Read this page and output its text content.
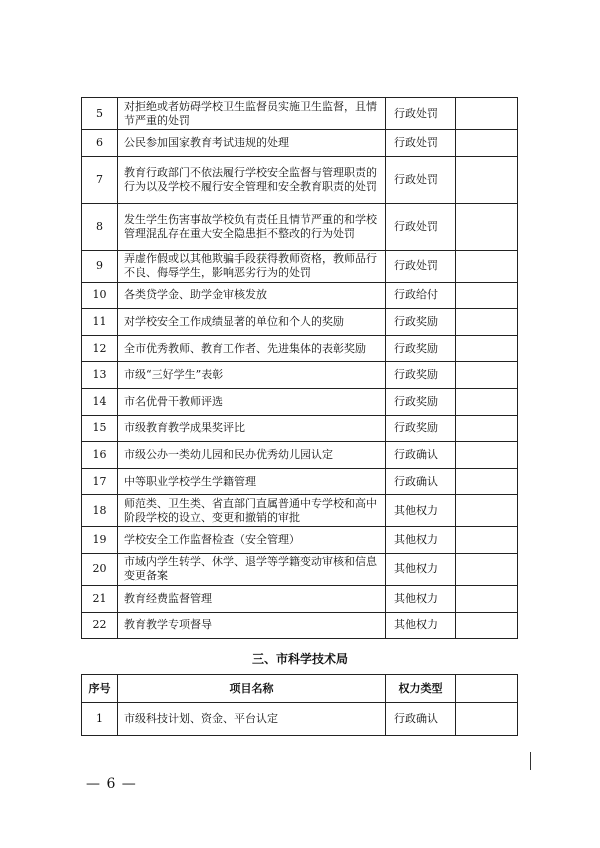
5	对拒绝或者妨碍学校卫生监督员实施卫生监督，且情节严重的处罚	行政处罚	
6	公民参加国家教育考试违规的处理	行政处罚	
7	教育行政部门不依法履行学校安全监督与管理职责的行为以及学校不履行安全管理和安全教育职责的处罚	行政处罚	
8	发生学生伤害事故学校负有责任且情节严重的和学校管理混乱存在重大安全隐患拒不整改的行为处罚	行政处罚	
9	弄虚作假或以其他欺骗手段获得教师资格，教师品行不良、侮辱学生，影响恶劣行为的处罚	行政处罚	
10	各类贷学金、助学金审核发放	行政给付	
11	对学校安全工作成绩显著的单位和个人的奖励	行政奖励	
12	全市优秀教师、教育工作者、先进集体的表彰奖励	行政奖励	
13	市级“三好学生”表彰	行政奖励	
14	市名优骨干教师评选	行政奖励	
15	市级教育教学成果奖评比	行政奖励	
16	市级公办一类幼儿园和民办优秀幼儿园认定	行政确认	
17	中等职业学校学生学籍管理	行政确认	
18	师范类、卫生类、省直部门直属普通中专学校和高中阶段学校的设立、变更和撤销的审批	其他权力	
19	学校安全工作监督检查（安全管理）	其他权力	
20	市域内学生转学、休学、退学等学籍变动审核和信息变更备案	其他权力	
21	教育经费监督管理	其他权力	
22	教育教学专项督导	其他权力	
三、市科学技术局
序号	项目名称	权力类型	
1	市级科技计划、资金、平台认定	行政确认	
— 6 —
